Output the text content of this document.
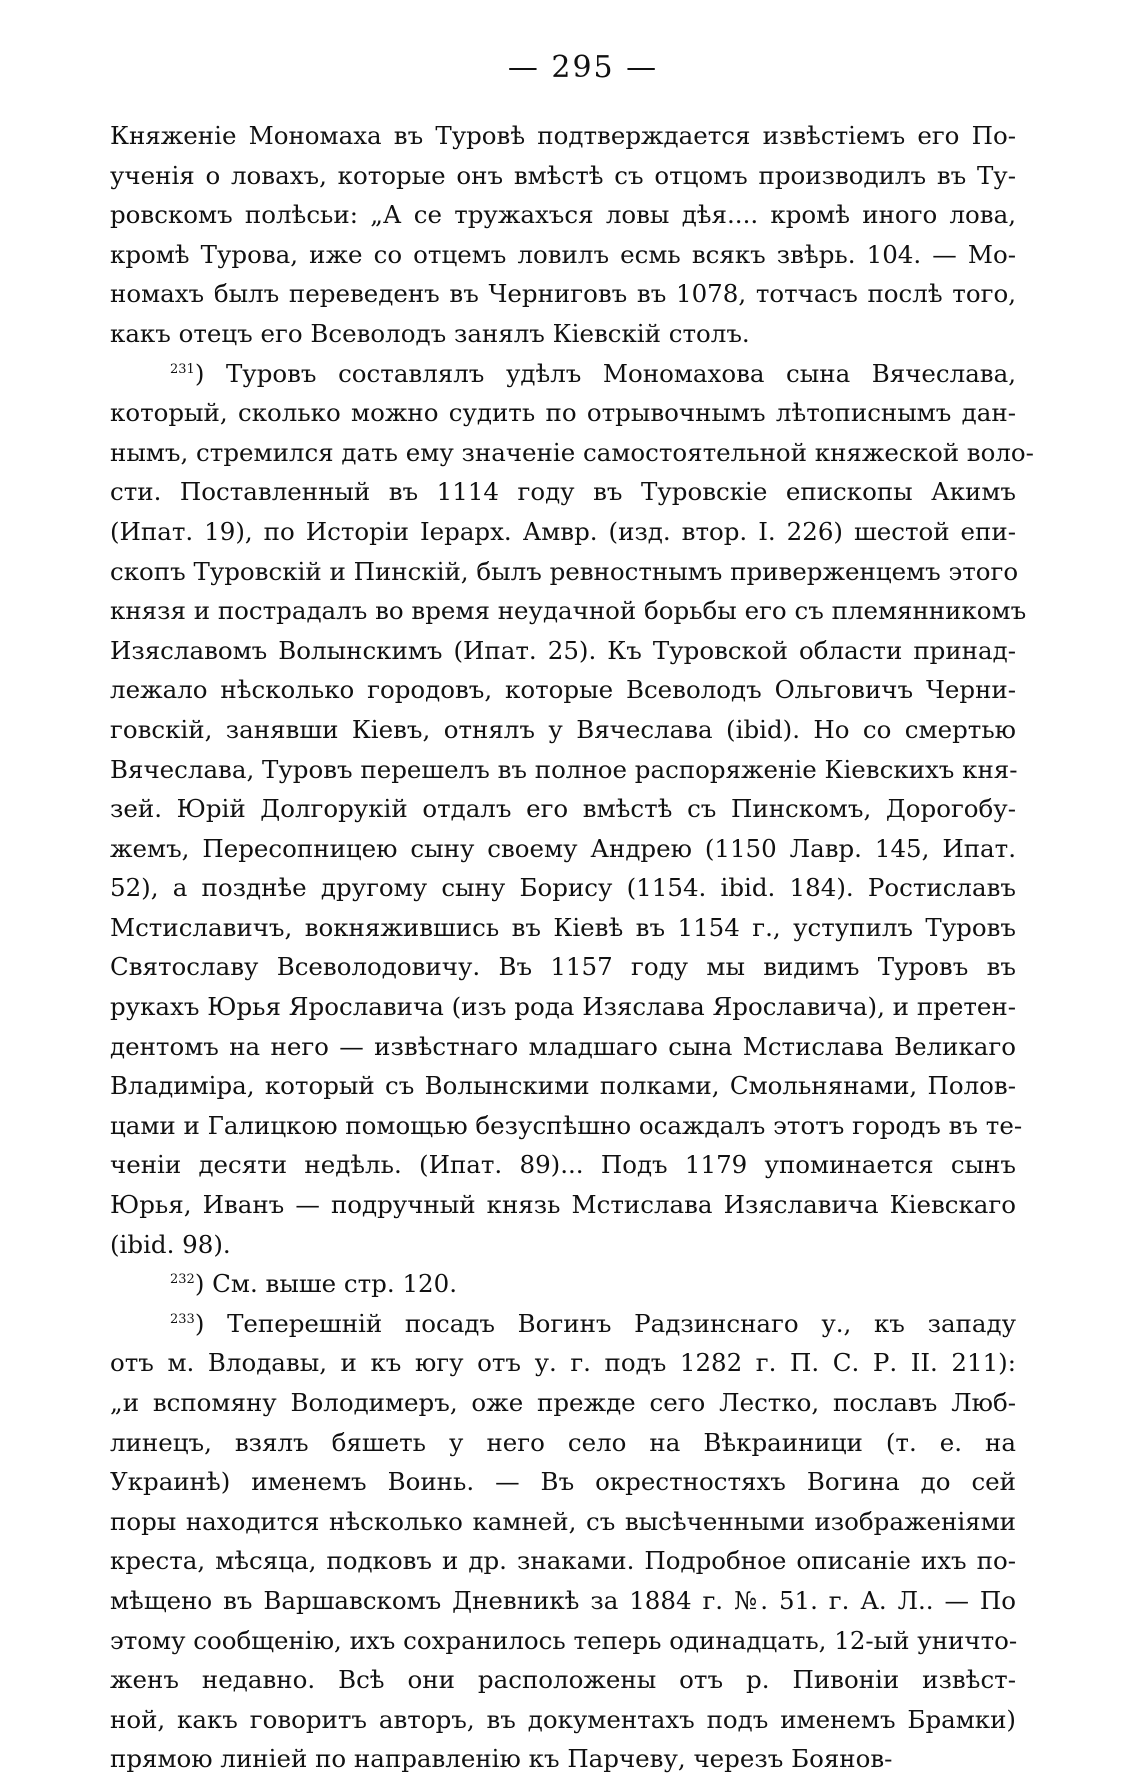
— 295 —
Княженіе Мономаха въ Туровѣ подтверждается извѣстіемъ его По-
ученія о ловахъ, которые онъ вмѣстѣ съ отцомъ производилъ въ Ту-
ровскомъ полѣсьи: „А се тружахъся ловы дѣя.... кромѣ иного лова,
кромѣ Турова, иже со отцемъ ловилъ есмь всякъ звѣрь. 104. — Мо-
номахъ былъ переведенъ въ Черниговъ въ 1078, тотчасъ послѣ того,
какъ отецъ его Всеволодъ занялъ Кіевскій столъ.
$^{231}$) Туровъ составлялъ удѣлъ Мономахова сына Вячеслава,
который, сколько можно судить по отрывочнымъ лѣтописнымъ дан-
нымъ, стремился дать ему значеніе самостоятельной княжеской воло-
сти. Поставленный въ 1114 году въ Туровскіе епископы Акимъ
(Ипат. 19), по Исторіи Іерарх. Амвр. (изд. втор. I. 226) шестой епи-
скопъ Туровскій и Пинскій, былъ ревностнымъ приверженцемъ этого
князя и пострадалъ во время неудачной борьбы его съ племянникомъ
Изяславомъ Волынскимъ (Ипат. 25). Къ Туровской области принад-
лежало нѣсколько городовъ, которые Всеволодъ Ольговичъ Черни-
говскій, занявши Кіевъ, отнялъ у Вячеслава (ibid). Но со смертью
Вячеслава, Туровъ перешелъ въ полное распоряженіе Кіевскихъ кня-
зей. Юрій Долгорукій отдалъ его вмѣстѣ съ Пинскомъ, Дорогобу-
жемъ, Пересопницею сыну своему Андрею (1150 Лавр. 145, Ипат.
52), а позднѣе другому сыну Борису (1154. ibid. 184). Ростиславъ
Мстиславичъ, вокняжившись въ Кіевѣ въ 1154 г., уступилъ Туровъ
Святославу Всеволодовичу. Въ 1157 году мы видимъ Туровъ въ
рукахъ Юрья Ярославича (изъ рода Изяслава Ярославича), и претен-
дентомъ на него — извѣстнаго младшаго сына Мстислава Великаго
Владиміра, который съ Волынскими полками, Смольнянами, Полов-
цами и Галицкою помощью безуспѣшно осаждалъ этотъ городъ въ те-
ченіи десяти недѣль. (Ипат. 89)... Подъ 1179 упоминается сынъ
Юрья, Иванъ — подручный князь Мстислава Изяславича Кіевскаго
(ibid. 98).
$^{232}$) См. выше стр. 120.
$^{233}$) Теперешній посадъ Вогинъ Радзинснаго у., къ западу
отъ м. Влодавы, и къ югу отъ у. г. подъ 1282 г. П. С. Р. II. 211):
„и вспомяну Володимеръ, оже прежде сего Лестко, пославъ Люб-
линецъ, взялъ бяшеть у него село на Вѣкраиници (т. е. на
Украинѣ) именемъ Воинь. — Въ окрестностяхъ Вогина до сей
поры находится нѣсколько камней, съ высѣченными изображеніями
креста, мѣсяца, подковъ и др. знаками. Подробное описаніе ихъ по-
мѣщено въ Варшавскомъ Дневникѣ за 1884 г. №. 51. г. А. Л.. — По
этому сообщенію, ихъ сохранилось теперь одинадцать, 12-ый уничто-
женъ недавно. Всѣ они расположены отъ р. Пивоніи извѣст-
ной, какъ говоритъ авторъ, въ документахъ подъ именемъ Брамки)
прямою линіей по направленію къ Парчеву, черезъ Боянов-
